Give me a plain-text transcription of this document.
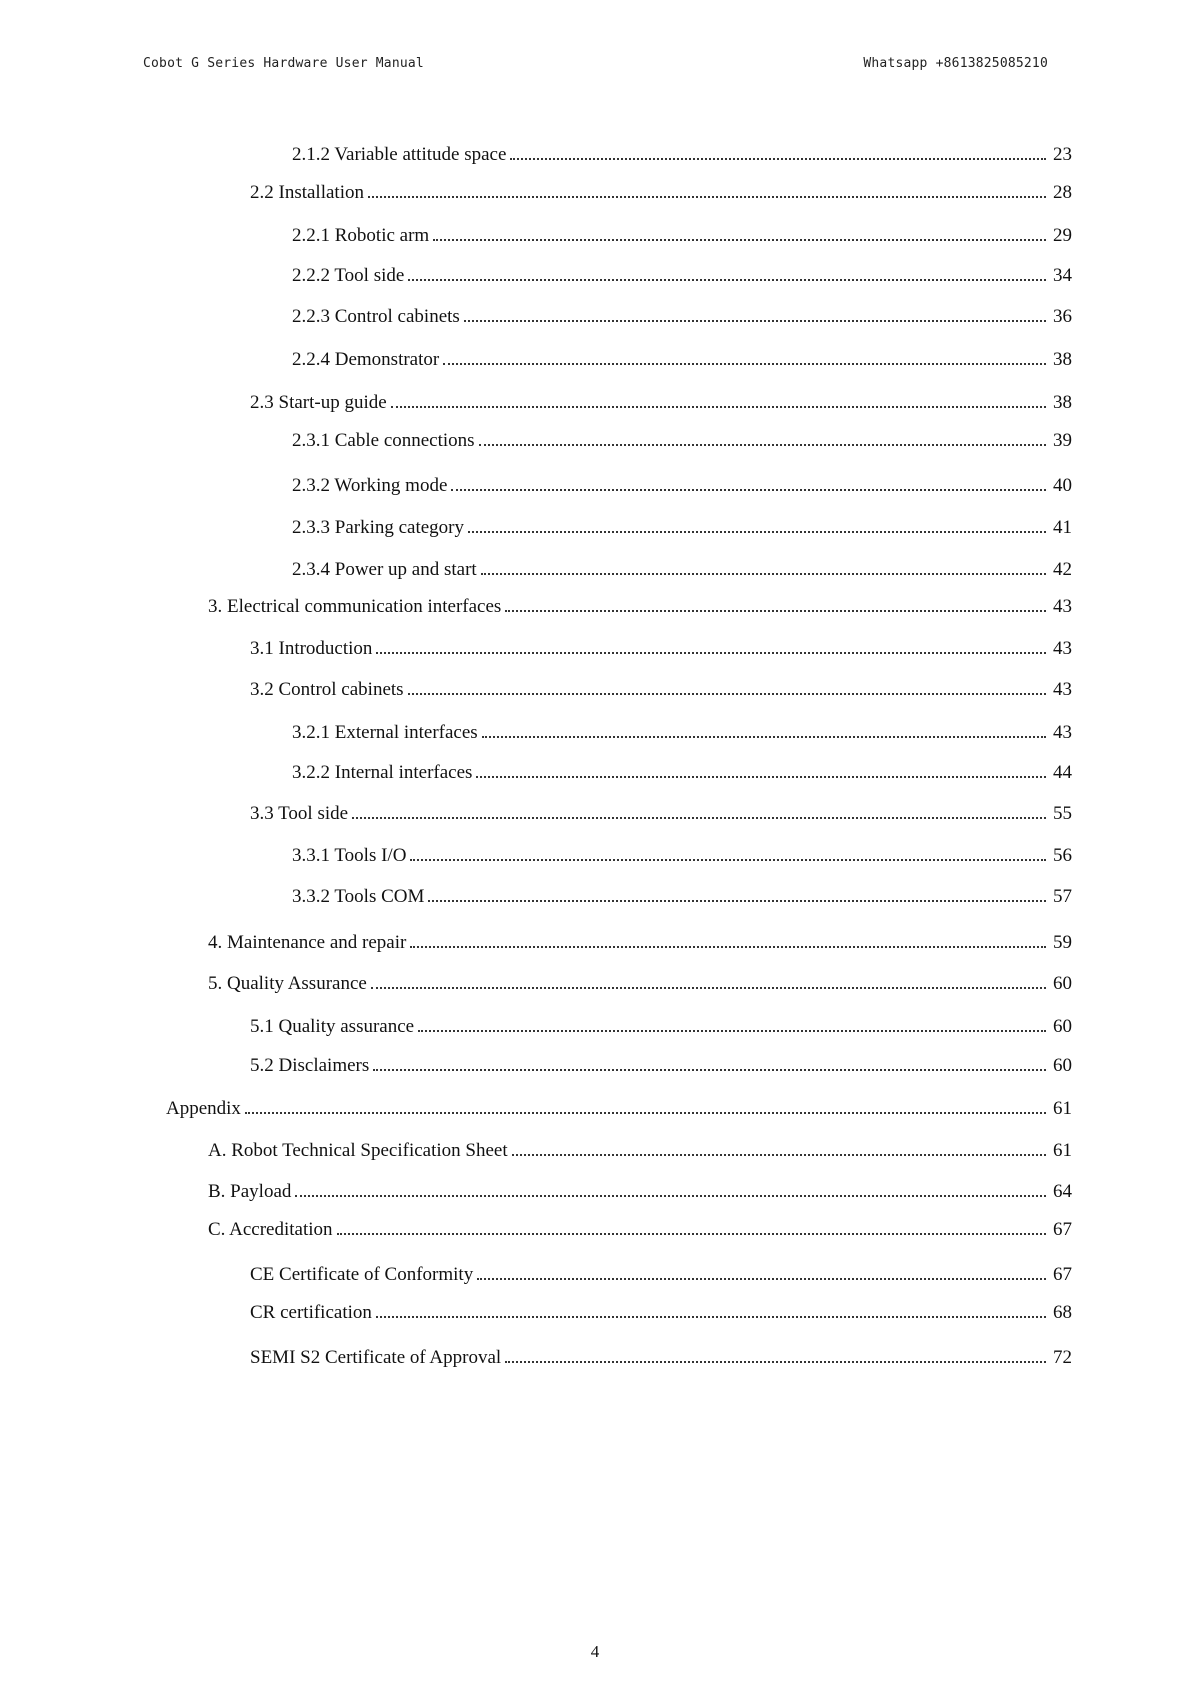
Cobot G Series Hardware User Manual	Whatsapp +8613825085210
2.1.2 Variable attitude space	23
2.2 Installation	28
2.2.1 Robotic arm	29
2.2.2 Tool side	34
2.2.3 Control cabinets	36
2.2.4 Demonstrator	38
2.3 Start-up guide	38
2.3.1 Cable connections	39
2.3.2 Working mode	40
2.3.3 Parking category	41
2.3.4 Power up and start	42
3. Electrical communication interfaces	43
3.1 Introduction	43
3.2 Control cabinets	43
3.2.1 External interfaces	43
3.2.2 Internal interfaces	44
3.3 Tool side	55
3.3.1 Tools I/O	56
3.3.2 Tools COM	57
4. Maintenance and repair	59
5. Quality Assurance	60
5.1 Quality assurance	60
5.2 Disclaimers	60
Appendix	61
A. Robot Technical Specification Sheet	61
B. Payload	64
C. Accreditation	67
CE Certificate of Conformity	67
CR certification	68
SEMI S2 Certificate of Approval	72
4
